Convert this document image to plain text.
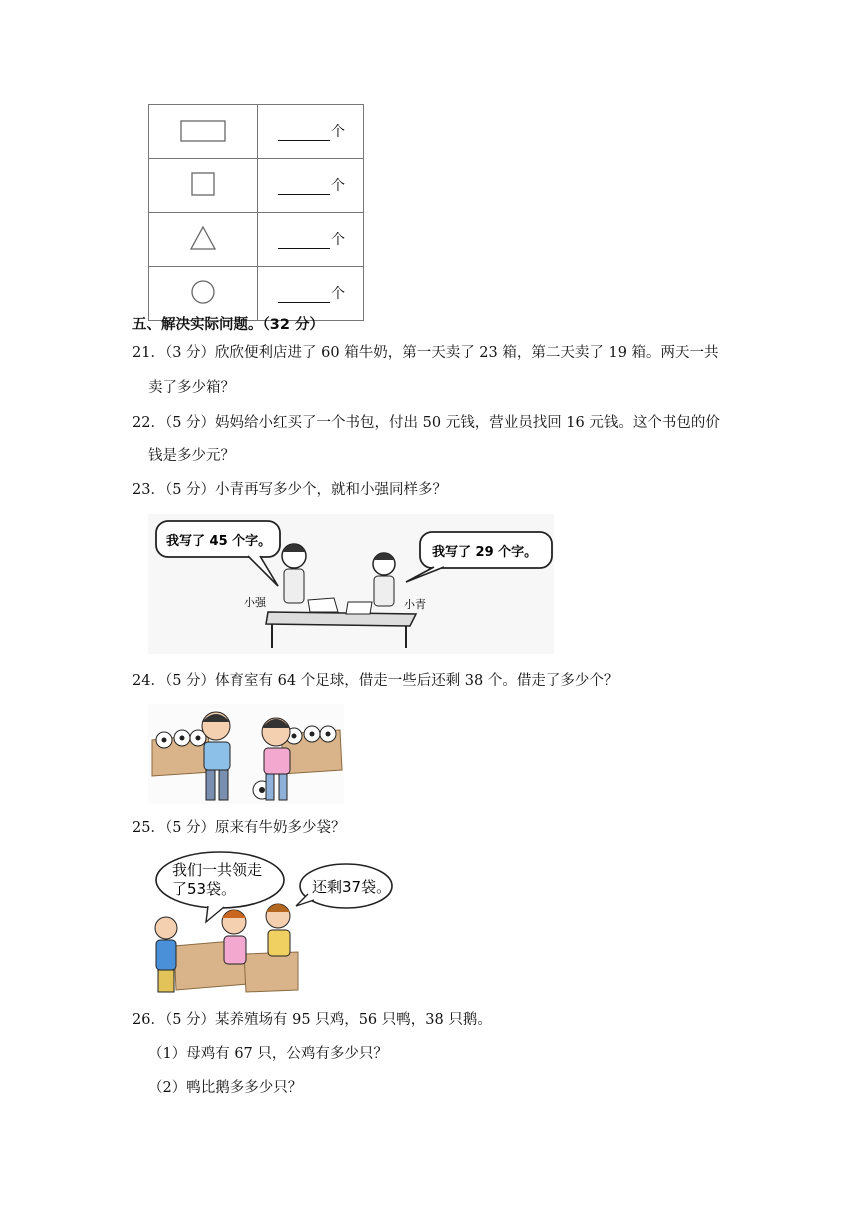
个

个

个

个
五、解决实际问题。（32 分）
21．（3 分）欣欣便利店进了 60 箱牛奶，第一天卖了 23 箱，第二天卖了 19 箱。两天一共
卖了多少箱？
22．（5 分）妈妈给小红买了一个书包，付出 50 元钱，营业员找回 16 元钱。这个书包的价
钱是多少元？
23．（5 分）小青再写多少个，就和小强同样多？
我写了 45 个字。
我写了 29 个字。
小强	小青
24．（5 分）体育室有 64 个足球，借走一些后还剩 38 个。借走了多少个？
25．（5 分）原来有牛奶多少袋？
我们一共领走
了53袋。	还剩37袋。
26．（5 分）某养殖场有 95 只鸡，56 只鸭，38 只鹅。
（1）母鸡有 67 只，公鸡有多少只？
（2）鸭比鹅多多少只？
